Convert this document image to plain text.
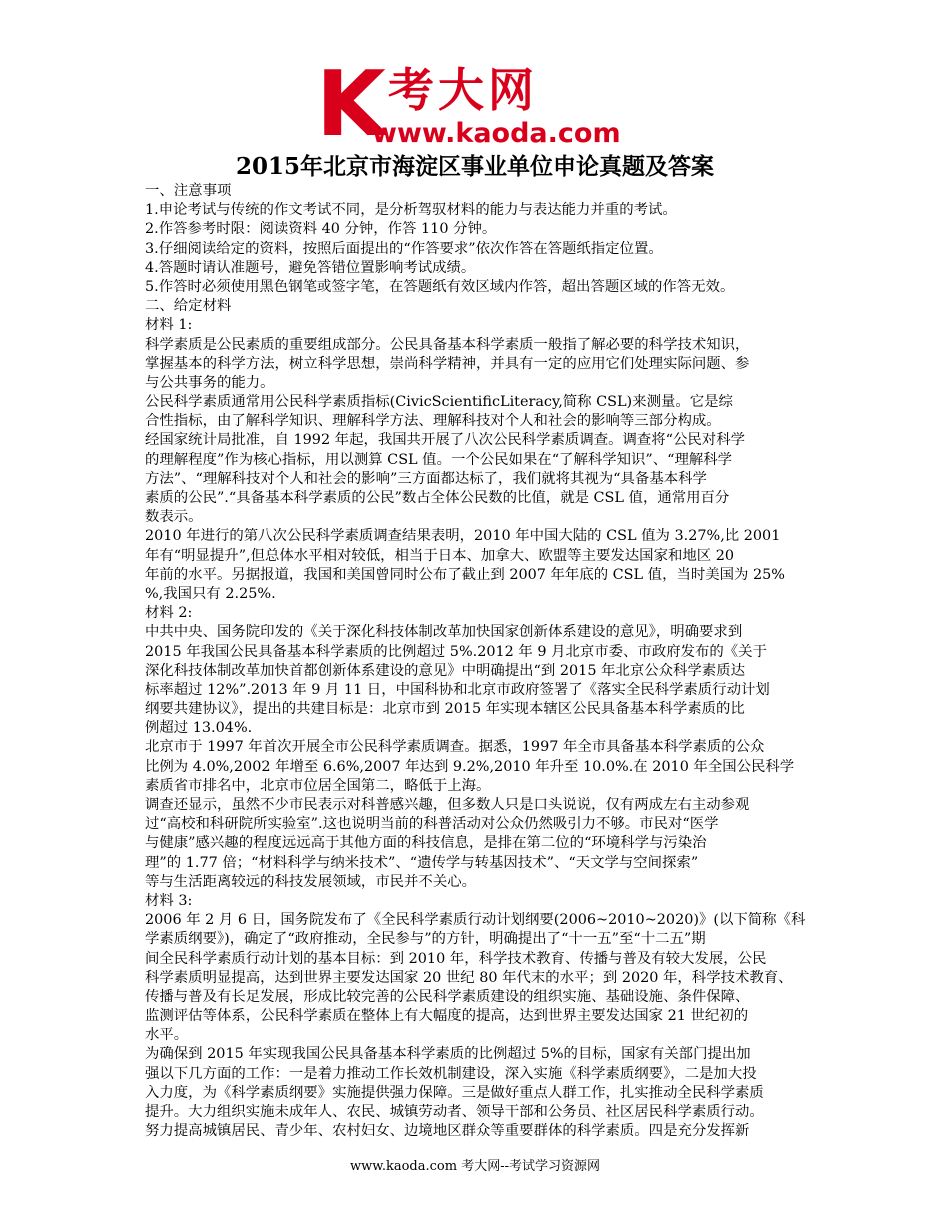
K 考大网
www.kaoda.com
2015年北京市海淀区事业单位申论真题及答案
一、注意事项
1.申论考试与传统的作文考试不同，是分析驾驭材料的能力与表达能力并重的考试。
2.作答参考时限：阅读资料 40 分钟，作答 110 分钟。
3.仔细阅读给定的资料，按照后面提出的“作答要求”依次作答在答题纸指定位置。
4.答题时请认准题号，避免答错位置影响考试成绩。
5.作答时必须使用黑色钢笔或签字笔，在答题纸有效区域内作答，超出答题区域的作答无效。
二、给定材料
材料 1:
科学素质是公民素质的重要组成部分。公民具备基本科学素质一般指了解必要的科学技术知识，
掌握基本的科学方法，树立科学思想，崇尚科学精神，并具有一定的应用它们处理实际问题、参
与公共事务的能力。
公民科学素质通常用公民科学素质指标(CivicScientificLiteracy,简称 CSL)来测量。它是综
合性指标，由了解科学知识、理解科学方法、理解科技对个人和社会的影响等三部分构成。
经国家统计局批准，自 1992 年起，我国共开展了八次公民科学素质调查。调查将“公民对科学
的理解程度”作为核心指标，用以测算 CSL 值。一个公民如果在“了解科学知识”、“理解科学
方法”、“理解科技对个人和社会的影响”三方面都达标了，我们就将其视为“具备基本科学
素质的公民”.“具备基本科学素质的公民”数占全体公民数的比值，就是 CSL 值，通常用百分
数表示。
2010 年进行的第八次公民科学素质调查结果表明，2010 年中国大陆的 CSL 值为 3.27%,比 2001
年有“明显提升”,但总体水平相对较低，相当于日本、加拿大、欧盟等主要发达国家和地区 20
年前的水平。另据报道，我国和美国曾同时公布了截止到 2007 年年底的 CSL 值，当时美国为 25%
%,我国只有 2.25%.
材料 2:
中共中央、国务院印发的《关于深化科技体制改革加快国家创新体系建设的意见》，明确要求到
2015 年我国公民具备基本科学素质的比例超过 5%.2012 年 9 月北京市委、市政府发布的《关于
深化科技体制改革加快首都创新体系建设的意见》中明确提出“到 2015 年北京公众科学素质达
标率超过 12%”.2013 年 9 月 11 日，中国科协和北京市政府签署了《落实全民科学素质行动计划
纲要共建协议》，提出的共建目标是：北京市到 2015 年实现本辖区公民具备基本科学素质的比
例超过 13.04%.
北京市于 1997 年首次开展全市公民科学素质调查。据悉，1997 年全市具备基本科学素质的公众
比例为 4.0%,2002 年增至 6.6%,2007 年达到 9.2%,2010 年升至 10.0%.在 2010 年全国公民科学
素质省市排名中，北京市位居全国第二，略低于上海。
调查还显示，虽然不少市民表示对科普感兴趣，但多数人只是口头说说，仅有两成左右主动参观
过“高校和科研院所实验室”.这也说明当前的科普活动对公众仍然吸引力不够。市民对“医学
与健康”感兴趣的程度远远高于其他方面的科技信息，是排在第二位的“环境科学与污染治
理”的 1.77 倍；“材料科学与纳米技术”、“遗传学与转基因技术”、“天文学与空间探索”
等与生活距离较远的科技发展领域，市民并不关心。
材料 3:
2006 年 2 月 6 日，国务院发布了《全民科学素质行动计划纲要(2006~2010~2020)》(以下简称《科
学素质纲要》)，确定了“政府推动，全民参与”的方针，明确提出了“十一五”至“十二五”期
间全民科学素质行动计划的基本目标：到 2010 年，科学技术教育、传播与普及有较大发展，公民
科学素质明显提高，达到世界主要发达国家 20 世纪 80 年代末的水平；到 2020 年，科学技术教育、
传播与普及有长足发展，形成比较完善的公民科学素质建设的组织实施、基础设施、条件保障、
监测评估等体系，公民科学素质在整体上有大幅度的提高，达到世界主要发达国家 21 世纪初的
水平。
为确保到 2015 年实现我国公民具备基本科学素质的比例超过 5%的目标，国家有关部门提出加
强以下几方面的工作：一是着力推动工作长效机制建设，深入实施《科学素质纲要》，二是加大投
入力度，为《科学素质纲要》实施提供强力保障。三是做好重点人群工作，扎实推动全民科学素质
提升。大力组织实施未成年人、农民、城镇劳动者、领导干部和公务员、社区居民科学素质行动。
努力提高城镇居民、青少年、农村妇女、边境地区群众等重要群体的科学素质。四是充分发挥新
www.kaoda.com 考大网--考试学习资源网
